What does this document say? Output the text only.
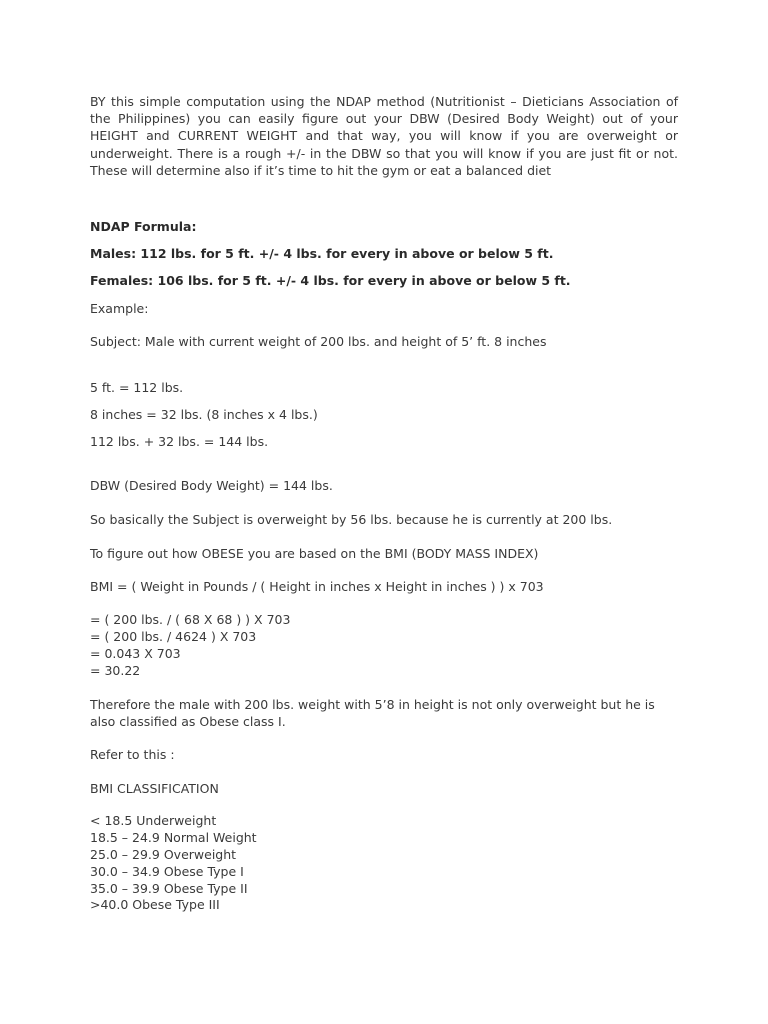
BY this simple computation using the NDAP method (Nutritionist – Dieticians Association of the Philippines) you can easily figure out your DBW (Desired Body Weight) out of your HEIGHT and CURRENT WEIGHT and that way, you will know if you are overweight or underweight. There is a rough +/- in the DBW so that you will know if you are just fit or not. These will determine also if it’s time to hit the gym or eat a balanced diet

NDAP Formula:

Males: 112 lbs. for 5 ft. +/- 4 lbs. for every in above or below 5 ft.

Females: 106 lbs. for 5 ft. +/- 4 lbs. for every in above or below 5 ft.

Example:

Subject: Male with current weight of 200 lbs. and height of 5’ ft. 8 inches

5 ft. = 112 lbs.

8 inches = 32 lbs. (8 inches x 4 lbs.)

112 lbs. + 32 lbs. = 144 lbs.

DBW (Desired Body Weight) = 144 lbs.

So basically the Subject is overweight by 56 lbs. because he is currently at 200 lbs.

To figure out how OBESE you are based on the BMI (BODY MASS INDEX)

BMI = ( Weight in Pounds / ( Height in inches x Height in inches ) ) x 703

= ( 200 lbs. / ( 68 X 68 ) ) X 703

= ( 200 lbs. / 4624 ) X 703

= 0.043 X 703

= 30.22

Therefore the male with 200 lbs. weight with 5’8 in height is not only overweight but he is also classified as Obese class I.

Refer to this :

BMI CLASSIFICATION

< 18.5 Underweight

18.5 – 24.9 Normal Weight

25.0 – 29.9 Overweight

30.0 – 34.9 Obese Type I

35.0 – 39.9 Obese Type II

>40.0 Obese Type III
